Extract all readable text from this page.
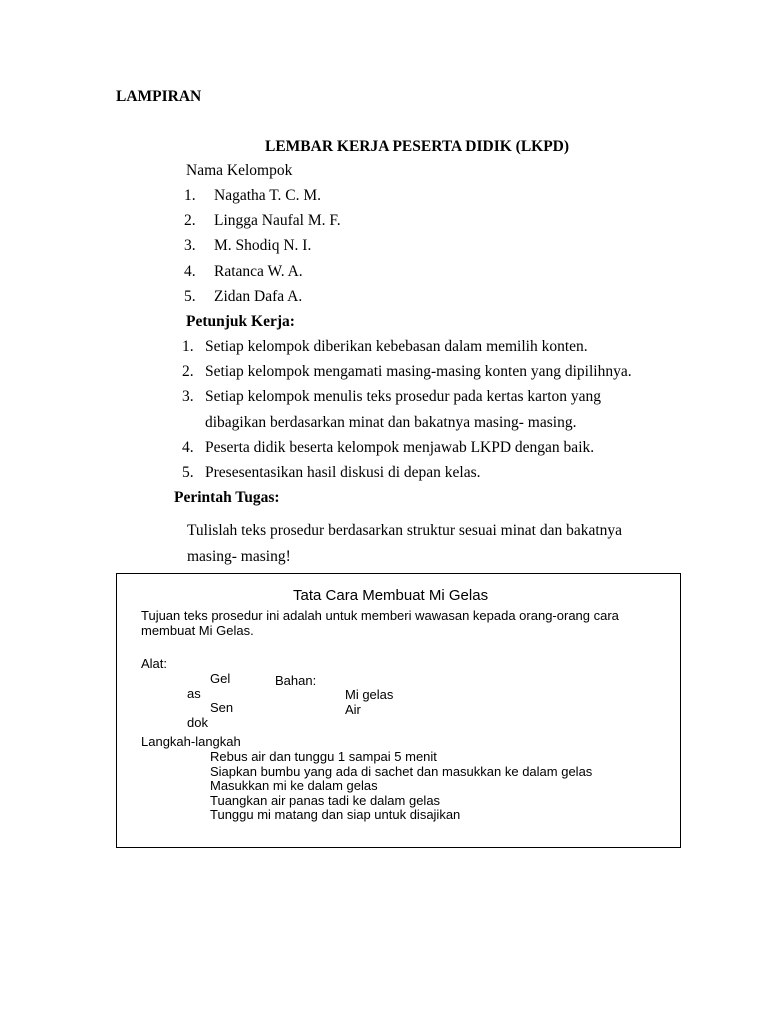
LAMPIRAN
LEMBAR KERJA PESERTA DIDIK (LKPD)
Nama Kelompok
1. Nagatha T. C. M.
2. Lingga Naufal M. F.
3. M. Shodiq N. I.
4. Ratanca W. A.
5. Zidan Dafa A.
Petunjuk Kerja:
1. Setiap kelompok diberikan kebebasan dalam memilih konten.
2. Setiap kelompok mengamati masing-masing konten yang dipilihnya.
3. Setiap kelompok menulis teks prosedur pada kertas karton yang
dibagikan berdasarkan minat dan bakatnya masing- masing.
4. Peserta didik beserta kelompok menjawab LKPD dengan baik.
5. Presesentasikan hasil diskusi di depan kelas.
Perintah Tugas:
Tulislah teks prosedur berdasarkan struktur sesuai minat dan bakatnya
masing- masing!
Tata Cara Membuat Mi Gelas
Tujuan teks prosedur ini adalah untuk memberi wawasan kepada orang-orang cara
membuat Mi Gelas.
Alat:
Gel
as
Sen
dok
Bahan:
Mi gelas
Air
Langkah-langkah
Rebus air dan tunggu 1 sampai 5 menit
Siapkan bumbu yang ada di sachet dan masukkan ke dalam gelas
Masukkan mi ke dalam gelas
Tuangkan air panas tadi ke dalam gelas
Tunggu mi matang dan siap untuk disajikan
